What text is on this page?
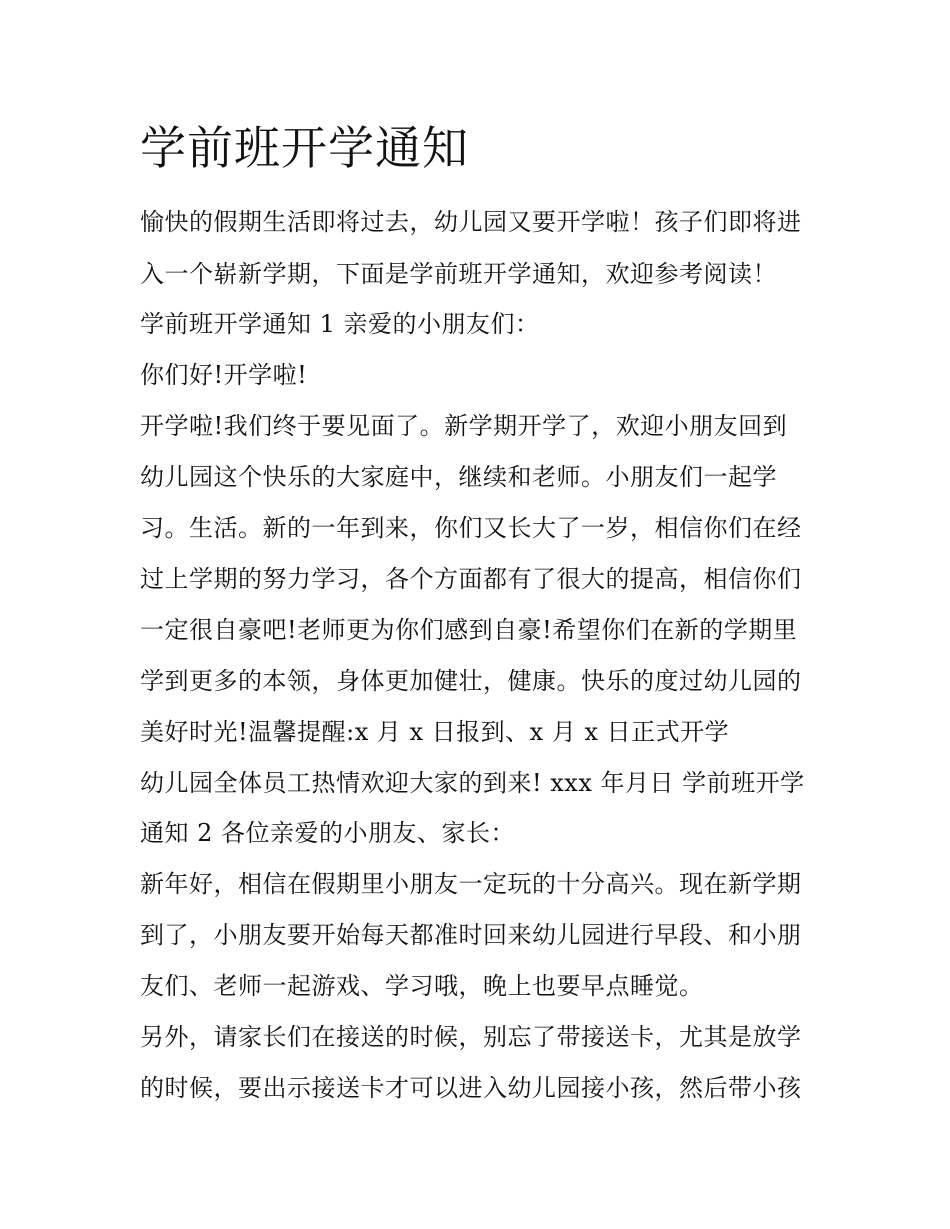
学前班开学通知

愉快的假期生活即将过去，幼儿园又要开学啦！孩子们即将进

入一个崭新学期，下面是学前班开学通知，欢迎参考阅读！

学前班开学通知 1 亲爱的小朋友们：

你们好!开学啦!

开学啦!我们终于要见面了。新学期开学了，欢迎小朋友回到

幼儿园这个快乐的大家庭中，继续和老师。小朋友们一起学

习。生活。新的一年到来，你们又长大了一岁，相信你们在经

过上学期的努力学习，各个方面都有了很大的提高，相信你们

一定很自豪吧!老师更为你们感到自豪!希望你们在新的学期里

学到更多的本领，身体更加健壮，健康。快乐的度过幼儿园的

美好时光!温馨提醒:x 月 x 日报到、x 月 x 日正式开学

幼儿园全体员工热情欢迎大家的到来! xxx 年月日 学前班开学

通知 2 各位亲爱的小朋友、家长：

新年好，相信在假期里小朋友一定玩的十分高兴。现在新学期

到了，小朋友要开始每天都准时回来幼儿园进行早段、和小朋

友们、老师一起游戏、学习哦，晚上也要早点睡觉。

另外，请家长们在接送的时候，别忘了带接送卡，尤其是放学

的时候，要出示接送卡才可以进入幼儿园接小孩，然后带小孩
